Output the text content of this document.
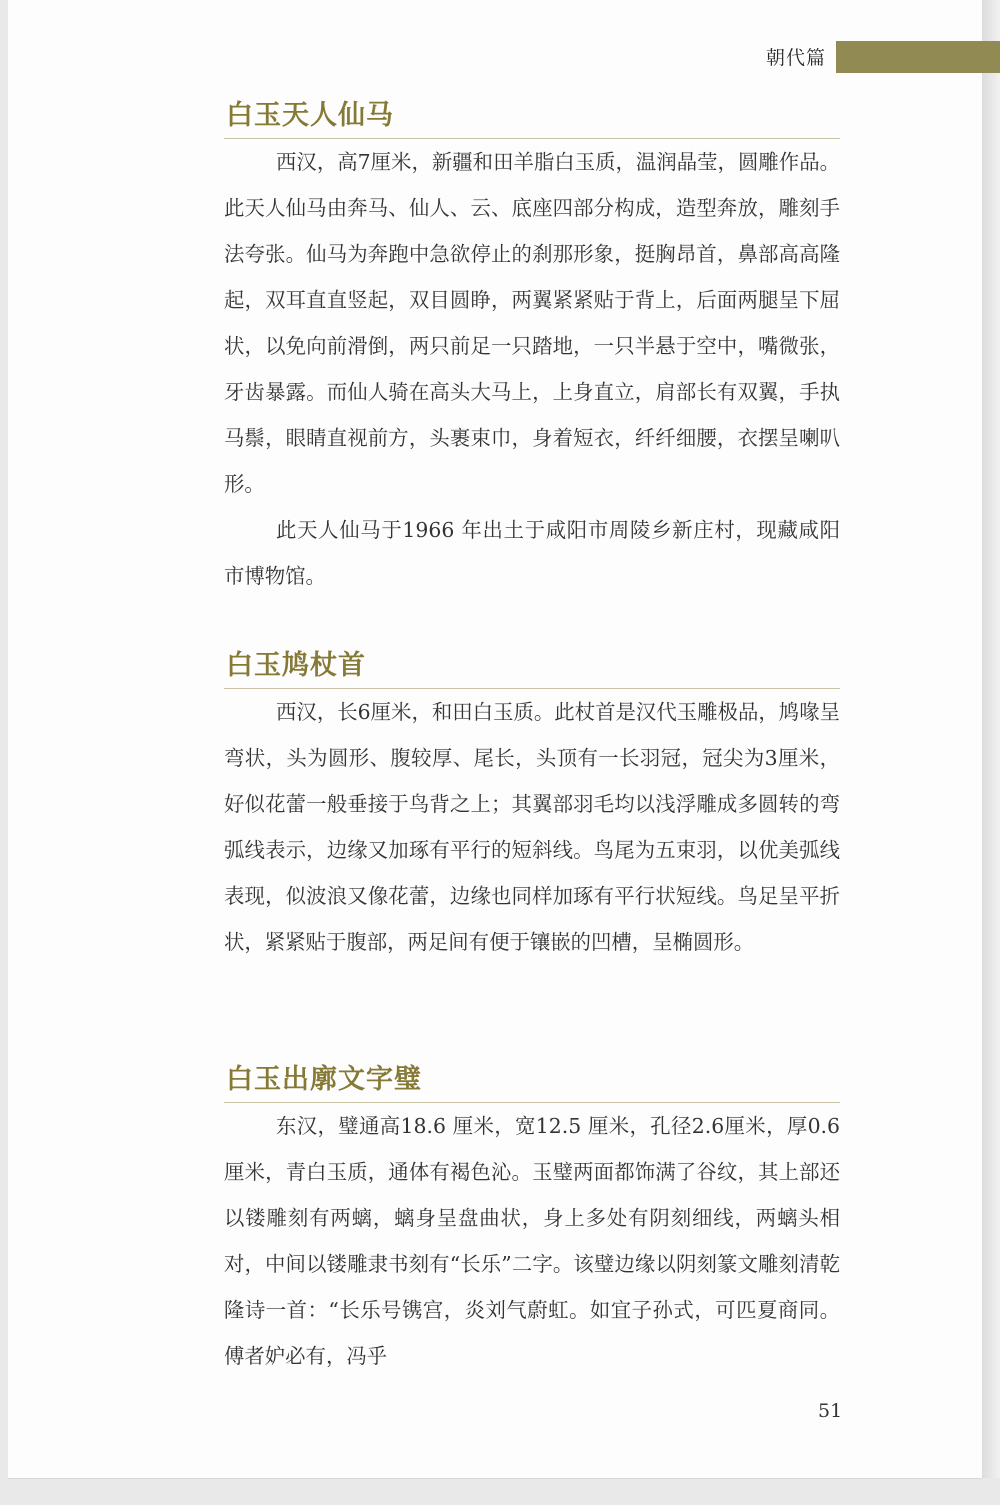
朝代篇
白玉天人仙马

西汉，高7厘米，新疆和田羊脂白玉质，温润晶莹，圆雕作品。此天人仙马由奔马、仙人、云、底座四部分构成，造型奔放，雕刻手法夸张。仙马为奔跑中急欲停止的刹那形象，挺胸昂首，鼻部高高隆起，双耳直直竖起，双目圆睁，两翼紧紧贴于背上，后面两腿呈下屈状，以免向前滑倒，两只前足一只踏地，一只半悬于空中，嘴微张，牙齿暴露。而仙人骑在高头大马上，上身直立，肩部长有双翼，手执马鬃，眼睛直视前方，头裹束巾，身着短衣，纤纤细腰，衣摆呈喇叭形。

此天人仙马于1966 年出土于咸阳市周陵乡新庄村，现藏咸阳市博物馆。

白玉鸠杖首

西汉，长6厘米，和田白玉质。此杖首是汉代玉雕极品，鸠喙呈弯状，头为圆形、腹较厚、尾长，头顶有一长羽冠，冠尖为3厘米，好似花蕾一般垂接于鸟背之上；其翼部羽毛均以浅浮雕成多圆转的弯弧线表示，边缘又加琢有平行的短斜线。鸟尾为五束羽，以优美弧线表现，似波浪又像花蕾，边缘也同样加琢有平行状短线。鸟足呈平折状，紧紧贴于腹部，两足间有便于镶嵌的凹槽，呈椭圆形。

白玉出廓文字璧

东汉，璧通高18.6 厘米，宽12.5 厘米，孔径2.6厘米，厚0.6厘米，青白玉质，通体有褐色沁。玉璧两面都饰满了谷纹，其上部还以镂雕刻有两螭，螭身呈盘曲状，身上多处有阴刻细线，两螭头相对，中间以镂雕隶书刻有“长乐”二字。该璧边缘以阴刻篆文雕刻清乾隆诗一首：“长乐号镌宫，炎刘气蔚虹。如宜子孙式，可匹夏商同。傅者妒必有，冯乎

51
